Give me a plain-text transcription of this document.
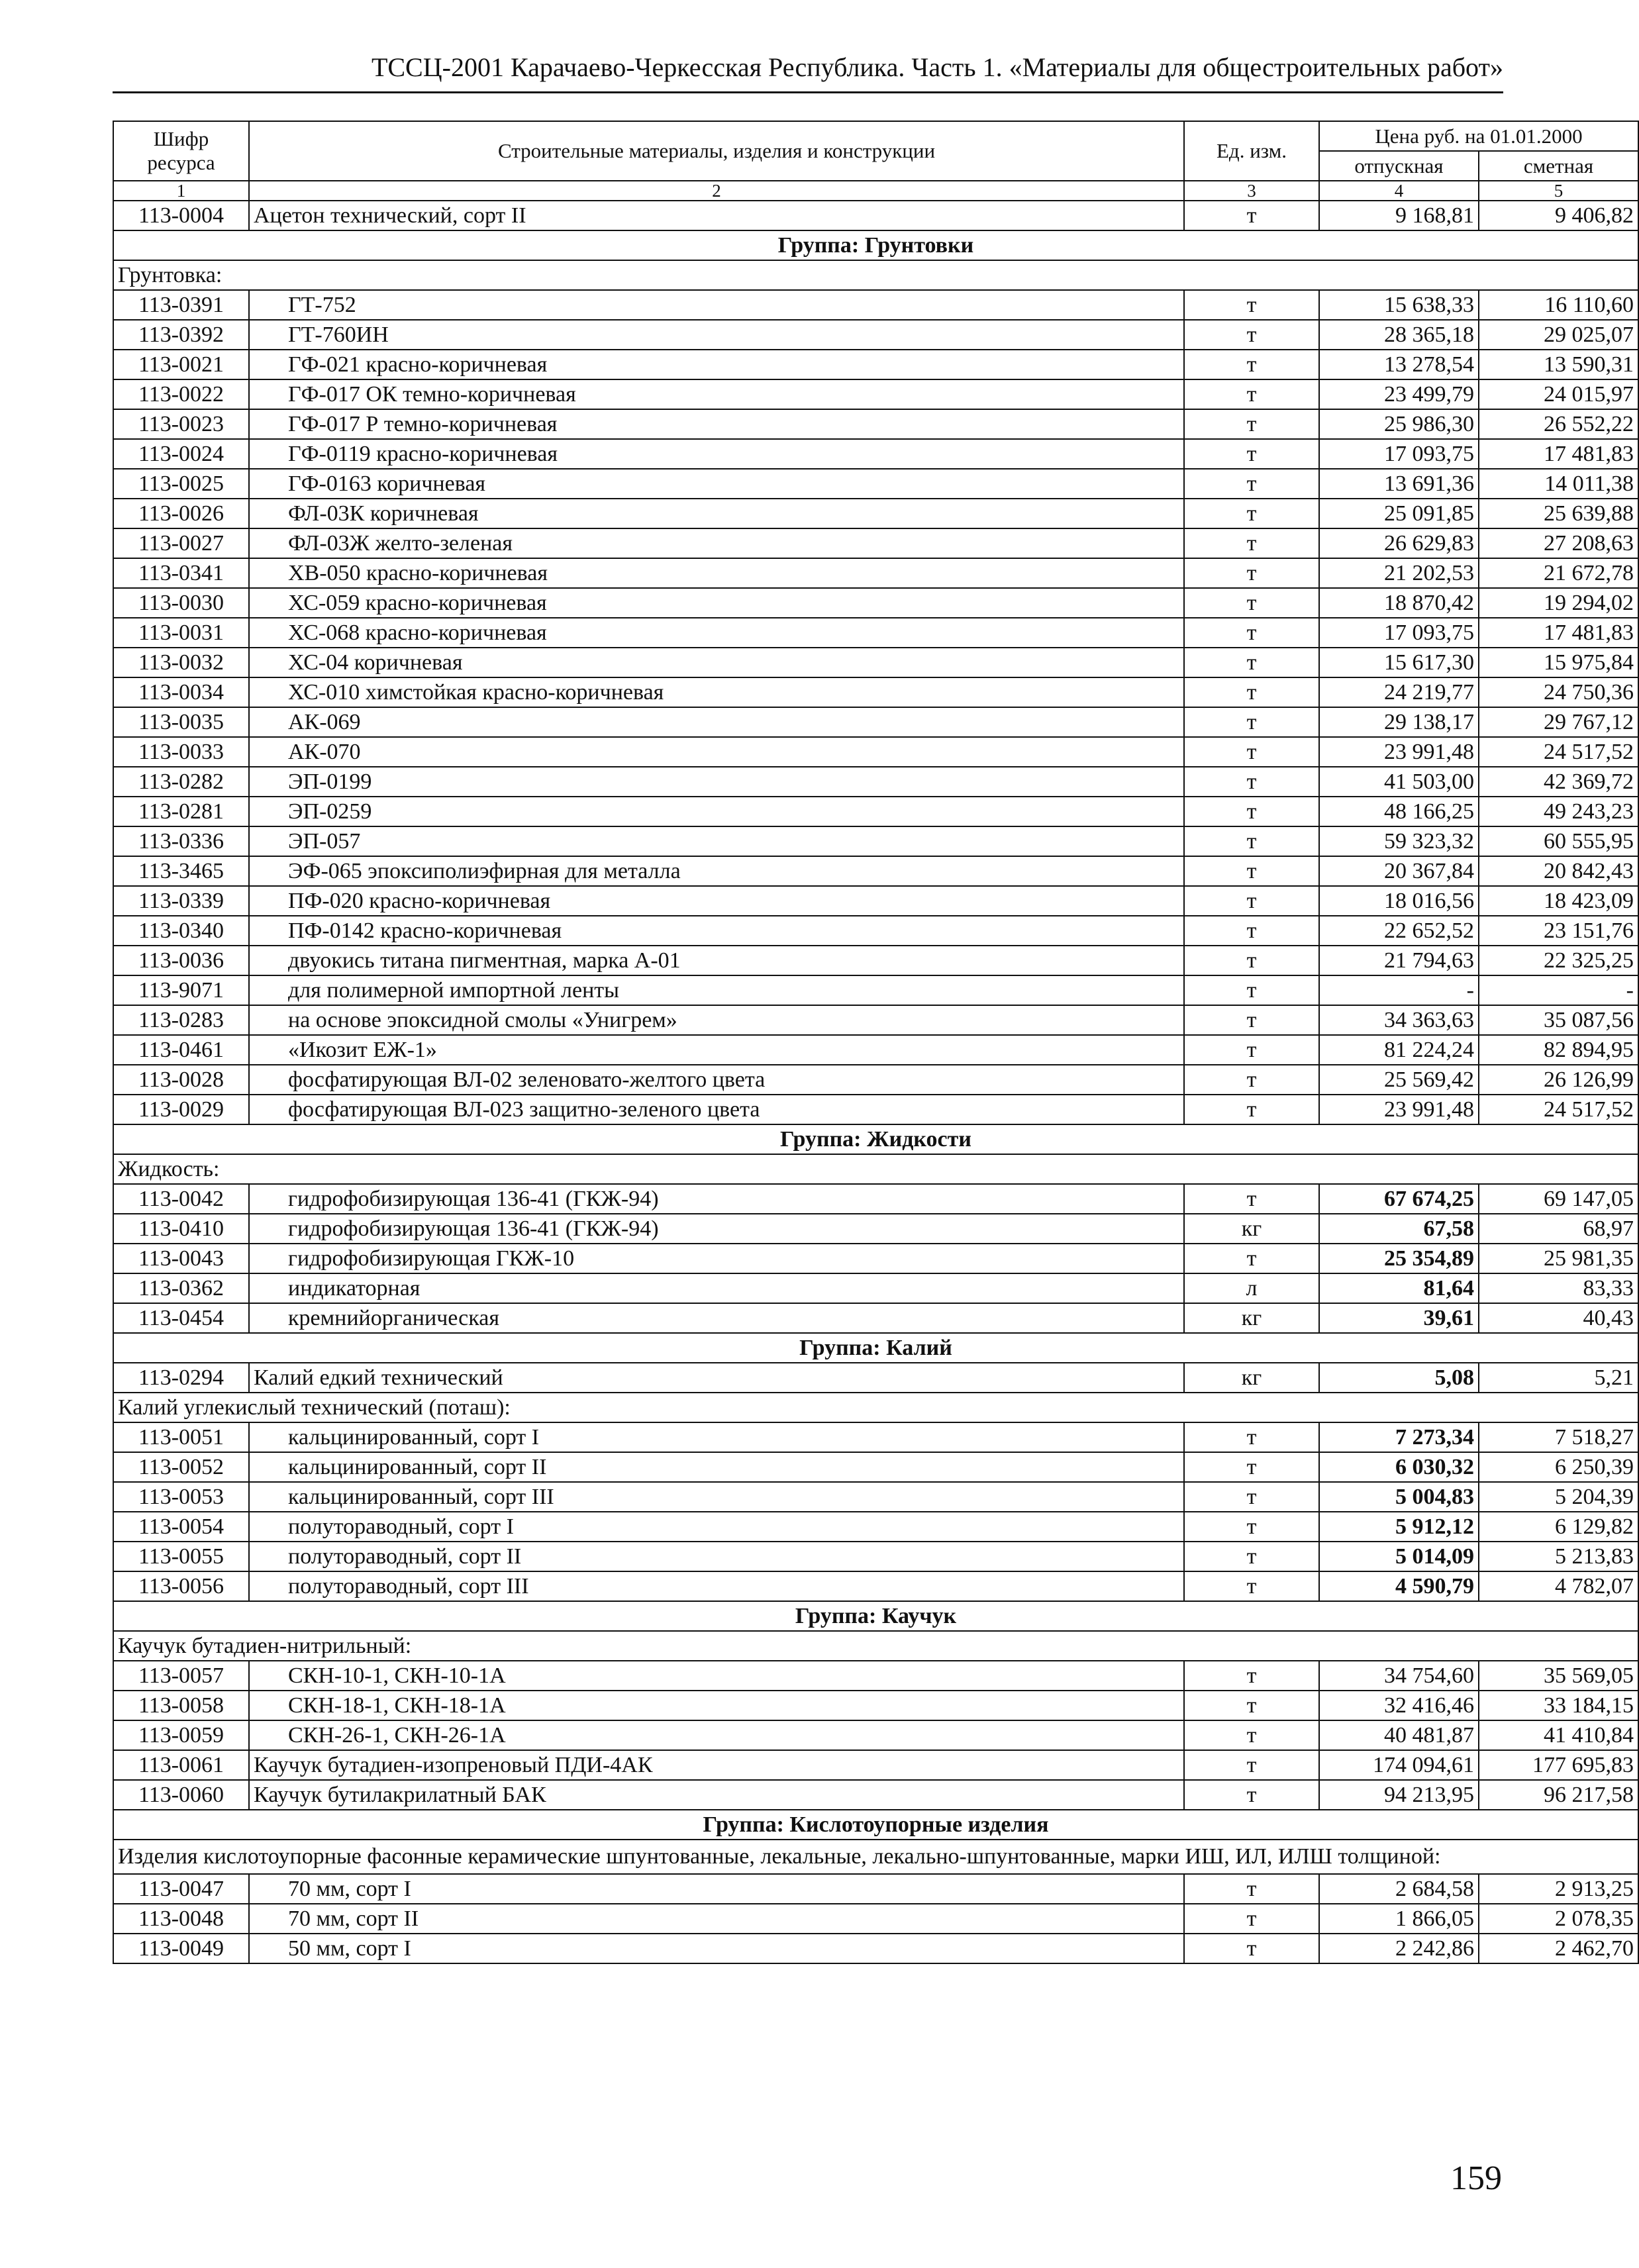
ТССЦ-2001 Карачаево-Черкесская Республика. Часть 1. «Материалы для общестроительных работ»
Шифр ресурса	Строительные материалы, изделия и конструкции	Ед. изм.	Цена руб. на 01.01.2000	
			отпускная	сметная
1	2	3	4	5
113-0004	Ацетон технический, сорт II	т	9 168,81	9 406,82
Группа: Грунтовки				
Грунтовка:				
113-0391	ГТ-752	т	15 638,33	16 110,60
113-0392	ГТ-760ИН	т	28 365,18	29 025,07
113-0021	ГФ-021 красно-коричневая	т	13 278,54	13 590,31
113-0022	ГФ-017 ОК темно-коричневая	т	23 499,79	24 015,97
113-0023	ГФ-017 Р темно-коричневая	т	25 986,30	26 552,22
113-0024	ГФ-0119 красно-коричневая	т	17 093,75	17 481,83
113-0025	ГФ-0163 коричневая	т	13 691,36	14 011,38
113-0026	ФЛ-03К коричневая	т	25 091,85	25 639,88
113-0027	ФЛ-03Ж желто-зеленая	т	26 629,83	27 208,63
113-0341	ХВ-050 красно-коричневая	т	21 202,53	21 672,78
113-0030	ХС-059 красно-коричневая	т	18 870,42	19 294,02
113-0031	ХС-068 красно-коричневая	т	17 093,75	17 481,83
113-0032	ХС-04 коричневая	т	15 617,30	15 975,84
113-0034	ХС-010 химстойкая красно-коричневая	т	24 219,77	24 750,36
113-0035	АК-069	т	29 138,17	29 767,12
113-0033	АК-070	т	23 991,48	24 517,52
113-0282	ЭП-0199	т	41 503,00	42 369,72
113-0281	ЭП-0259	т	48 166,25	49 243,23
113-0336	ЭП-057	т	59 323,32	60 555,95
113-3465	ЭФ-065 эпоксиполиэфирная для металла	т	20 367,84	20 842,43
113-0339	ПФ-020 красно-коричневая	т	18 016,56	18 423,09
113-0340	ПФ-0142 красно-коричневая	т	22 652,52	23 151,76
113-0036	двуокись титана пигментная, марка А-01	т	21 794,63	22 325,25
113-9071	для полимерной импортной ленты	т	-	-
113-0283	на основе эпоксидной смолы «Унигрем»	т	34 363,63	35 087,56
113-0461	«Икозит ЕЖ-1»	т	81 224,24	82 894,95
113-0028	фосфатирующая ВЛ-02 зеленовато-желтого цвета	т	25 569,42	26 126,99
113-0029	фосфатирующая ВЛ-023 защитно-зеленого цвета	т	23 991,48	24 517,52
Группа: Жидкости				
Жидкость:				
113-0042	гидрофобизирующая 136-41 (ГКЖ-94)	т	67 674,25	69 147,05
113-0410	гидрофобизирующая 136-41 (ГКЖ-94)	кг	67,58	68,97
113-0043	гидрофобизирующая ГКЖ-10	т	25 354,89	25 981,35
113-0362	индикаторная	л	81,64	83,33
113-0454	кремнийорганическая	кг	39,61	40,43
Группа: Калий				
113-0294	Калий едкий технический	кг	5,08	5,21
Калий углекислый технический (поташ):				
113-0051	кальцинированный, сорт I	т	7 273,34	7 518,27
113-0052	кальцинированный, сорт II	т	6 030,32	6 250,39
113-0053	кальцинированный, сорт III	т	5 004,83	5 204,39
113-0054	полутораводный, сорт I	т	5 912,12	6 129,82
113-0055	полутораводный, сорт II	т	5 014,09	5 213,83
113-0056	полутораводный, сорт III	т	4 590,79	4 782,07
Группа: Каучук				
Каучук бутадиен-нитрильный:				
113-0057	СКН-10-1, СКН-10-1А	т	34 754,60	35 569,05
113-0058	СКН-18-1, СКН-18-1А	т	32 416,46	33 184,15
113-0059	СКН-26-1, СКН-26-1А	т	40 481,87	41 410,84
113-0061	Каучук бутадиен-изопреновый ПДИ-4АК	т	174 094,61	177 695,83
113-0060	Каучук бутилакрилатный БАК	т	94 213,95	96 217,58
Группа: Кислотоупорные изделия				
Изделия кислотоупорные фасонные керамические шпунтованные, лекальные, лекально-шпунтованные, марки ИШ, ИЛ, ИЛШ толщиной:				
113-0047	70 мм, сорт I	т	2 684,58	2 913,25
113-0048	70 мм, сорт II	т	1 866,05	2 078,35
113-0049	50 мм, сорт I	т	2 242,86	2 462,70
159
